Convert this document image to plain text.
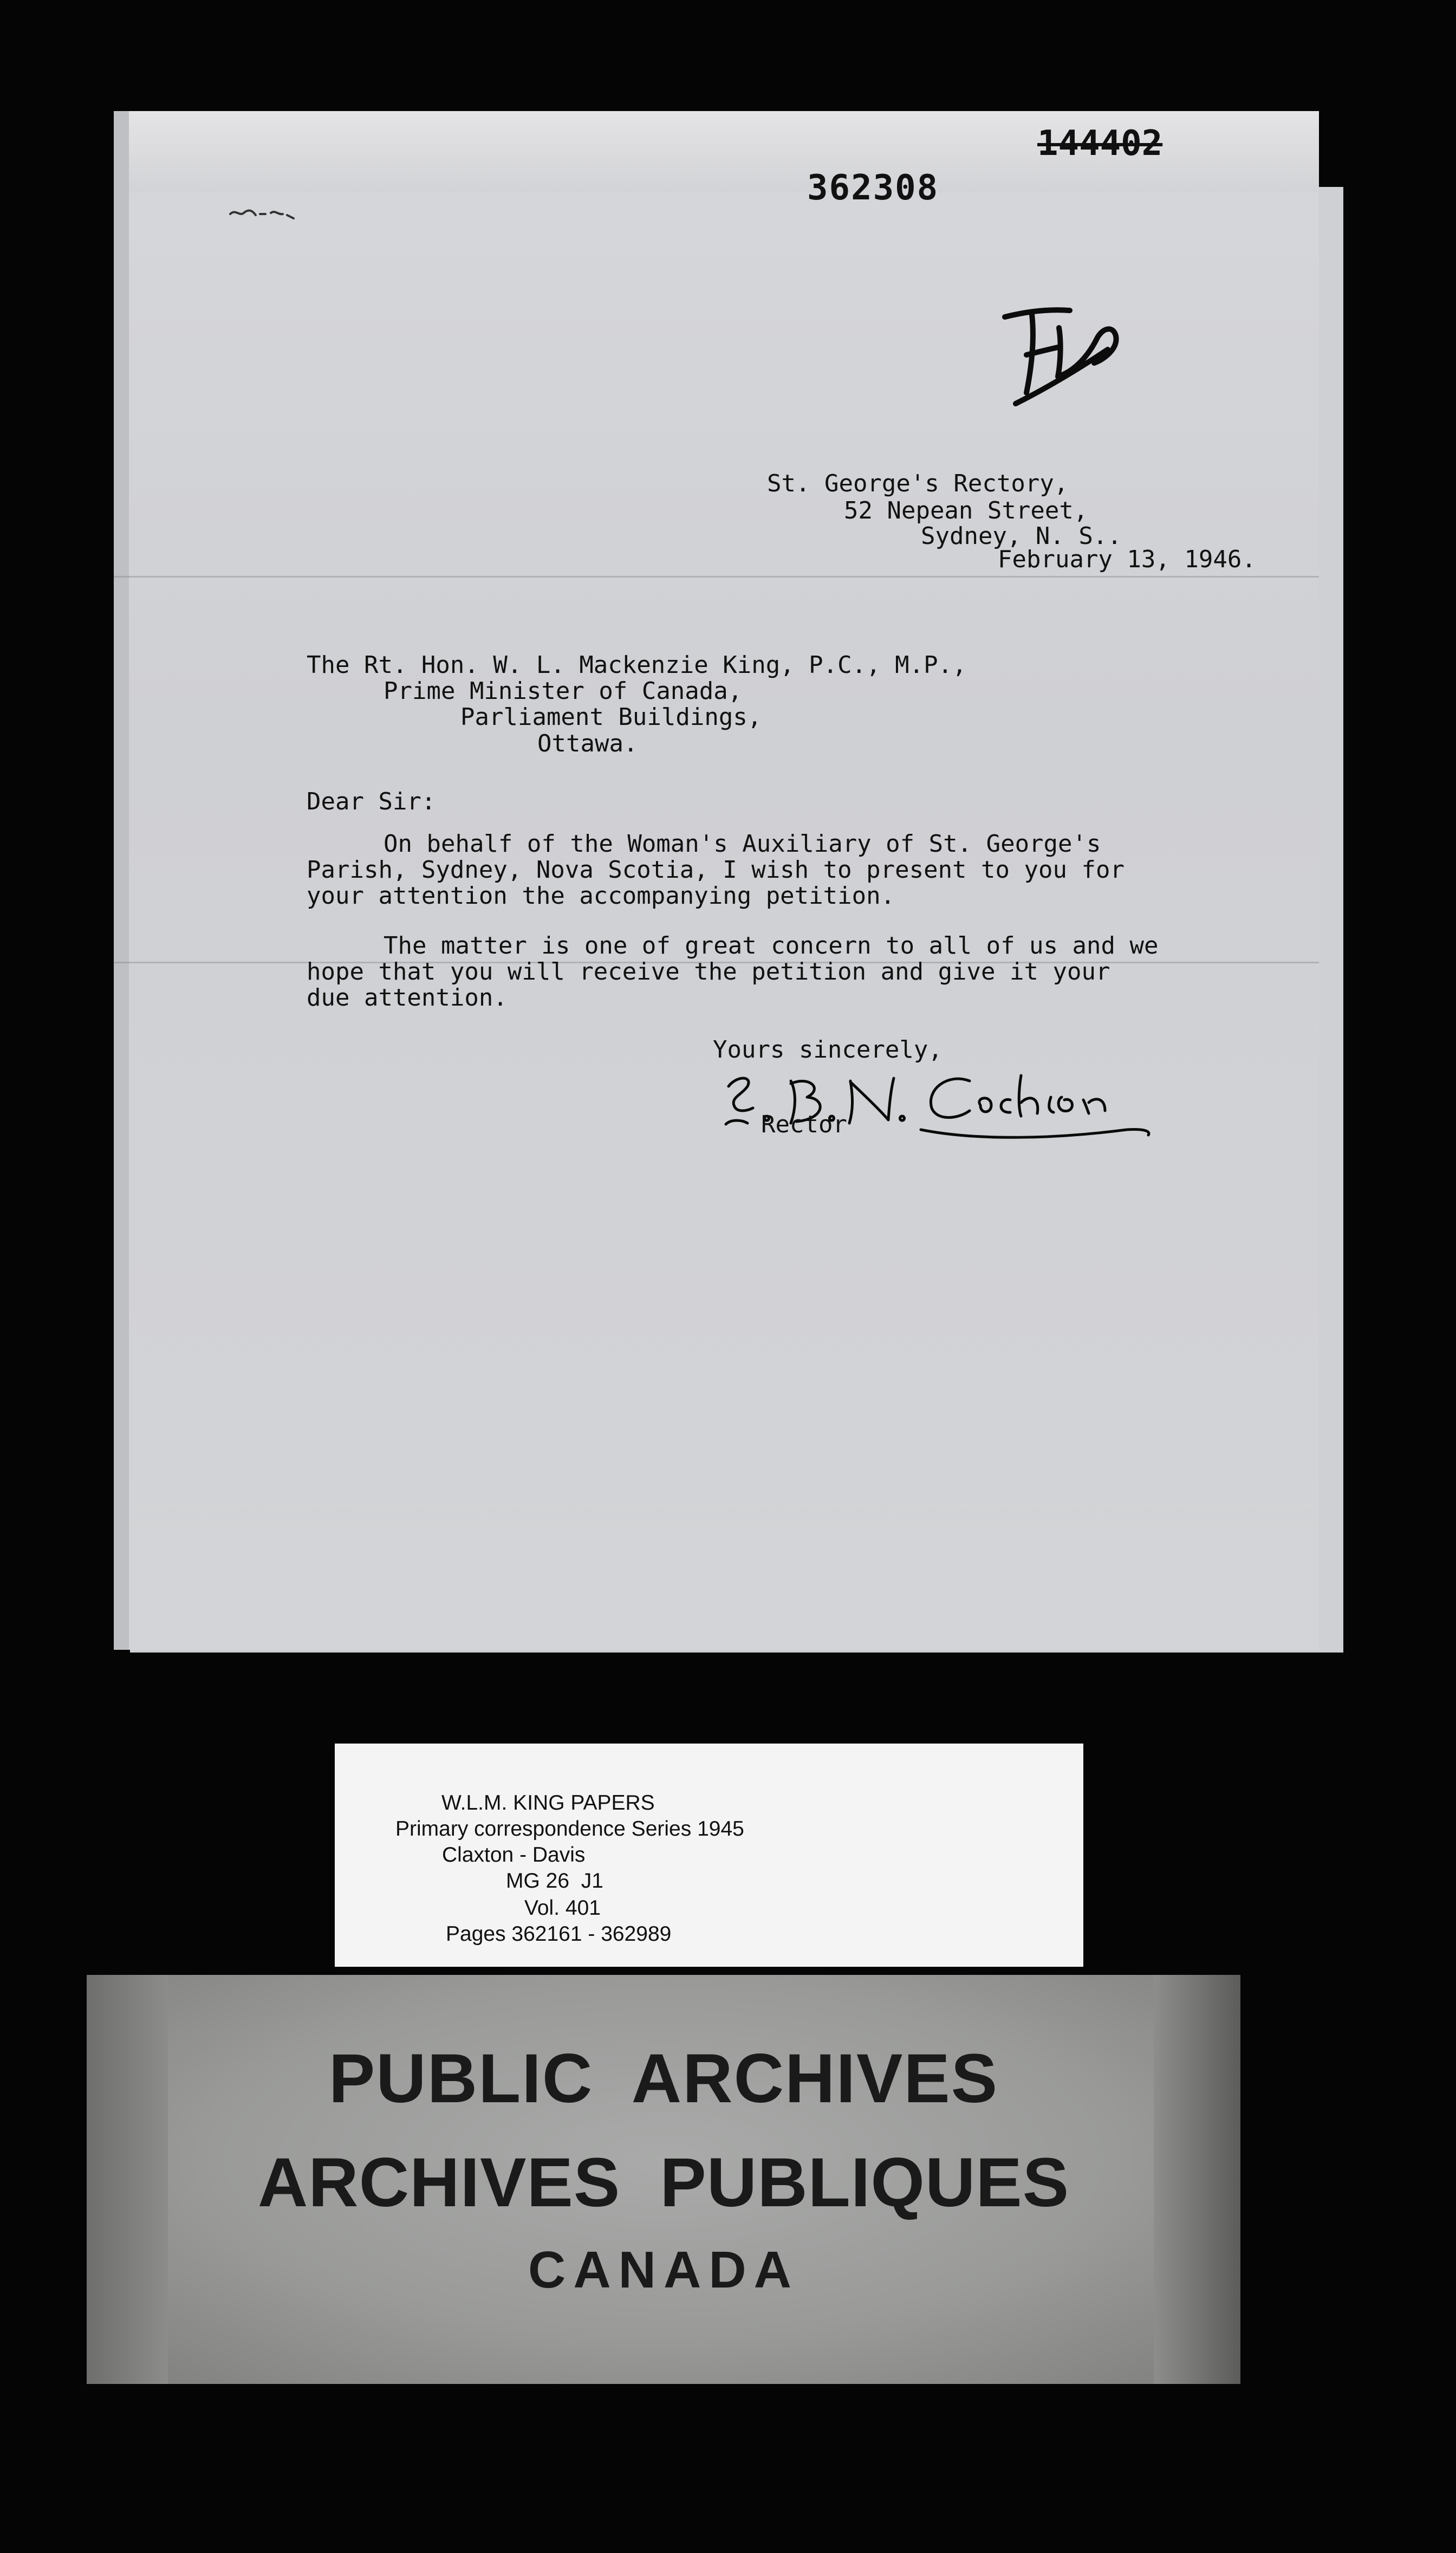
144402
362308
St. George's Rectory,
52 Nepean Street,
Sydney, N. S..
February 13, 1946.
The Rt. Hon. W. L. Mackenzie King, P.C., M.P.,
Prime Minister of Canada,
Parliament Buildings,
Ottawa.
Dear Sir:
On behalf of the Woman's Auxiliary of St. George's
Parish, Sydney, Nova Scotia, I wish to present to you for
your attention the accompanying petition.
The matter is one of great concern to all of us and we
hope that you will receive the petition and give it your
due attention.
Yours sincerely,
Rector
W.L.M. KING PAPERS
Primary correspondence Series 1945
Claxton - Davis
MG 26  J1
Vol. 401
Pages 362161 - 362989
PUBLIC  ARCHIVES
ARCHIVES  PUBLIQUES
CANADA
